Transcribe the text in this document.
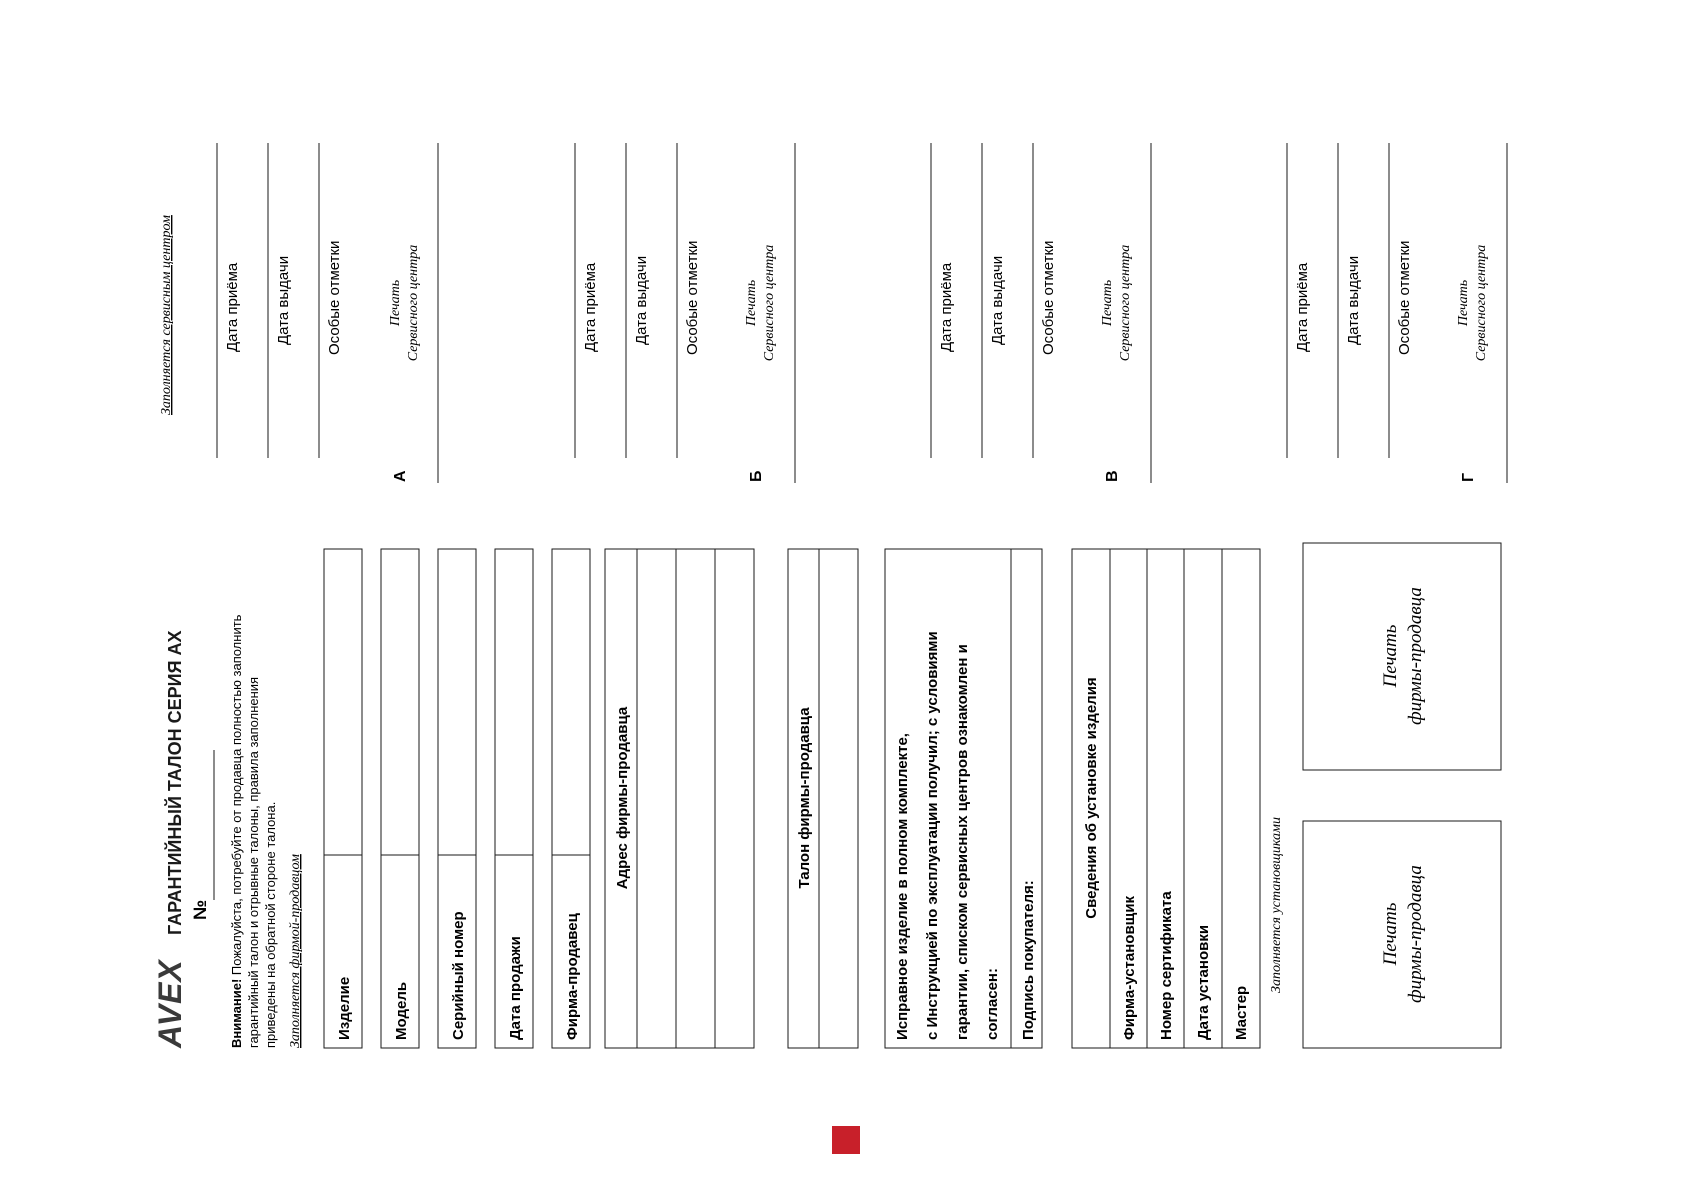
AVEX
ГАРАНТИЙНЫЙ ТАЛОН СЕРИЯ АХ №
Внимание! Пожалуйста, потребуйте от продавца полностью заполнить гарантийный талон и отрывные талоны, правила заполнения приведены на обратной стороне талона. Заполняется фирмой-продавцом Изделие	Модель	Серийный номер	Дата продажи	Фирма-продавец
Адрес фирмы-продавца	Талон фирмы-продавца	Исправное изделие в полном комплекте, с Инструкцией по эксплуатации получил; с условиями гарантии, списком сервисных центров ознакомлен и согласен: Подпись покупателя:
Сведения об установке изделия
Фирма-установщик Номер сертификата Дата установки Мастер
Заполняется установщиками	Печать фирмы-продавца
Печать фирмы-продавца
Заполняется сервисным центром	Дата приёма Дата выдачи Особые отметки	Печать Сервисного центра
А
Дата приёма Дата выдачи Особые отметки	Печать Сервисного центра
Б
Дата приёма Дата выдачи Особые отметки	Печать Сервисного центра
В
Дата приёма Дата выдачи Особые отметки	Печать Сервисного центра
Г
